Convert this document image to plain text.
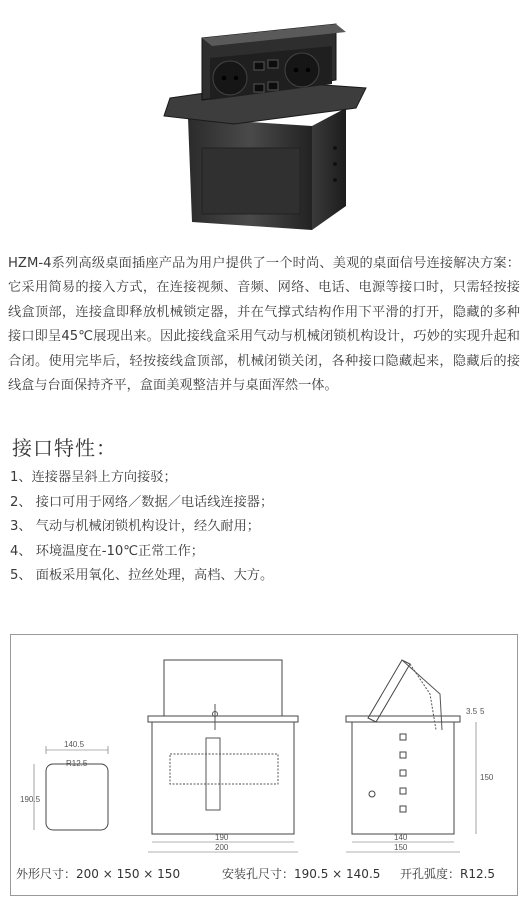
HZM-4系列高级桌面插座产品为用户提供了一个时尚、美观的桌面信号连接解决方案：它采用简易的接入方式，在连接视频、音频、网络、电话、电源等接口时，只需轻按接线盒顶部，连接盒即释放机械锁定器，并在气撑式结构作用下平滑的打开，隐藏的多种接口即呈45℃展现出来。因此接线盒采用气动与机械闭锁机构设计，巧妙的实现升起和合闭。使用完毕后，轻按接线盒顶部，机械闭锁关闭，各种接口隐藏起来，隐藏后的接线盒与台面保持齐平，盒面美观整洁并与桌面浑然一体。

接口特性：
1、连接器呈斜上方向接驳；
2、 接口可用于网络／数据／电话线连接器；
3、 气动与机械闭锁机构设计，经久耐用；
4、 环境温度在-10℃正常工作；
5、 面板采用氧化、拉丝处理，高档、大方。
140.5
190.5
R12.5
190
200
150
3.5 5
140
150
外形尺寸：200 × 150 × 150	安装孔尺寸：190.5 × 140.5 开孔弧度：R12.5
